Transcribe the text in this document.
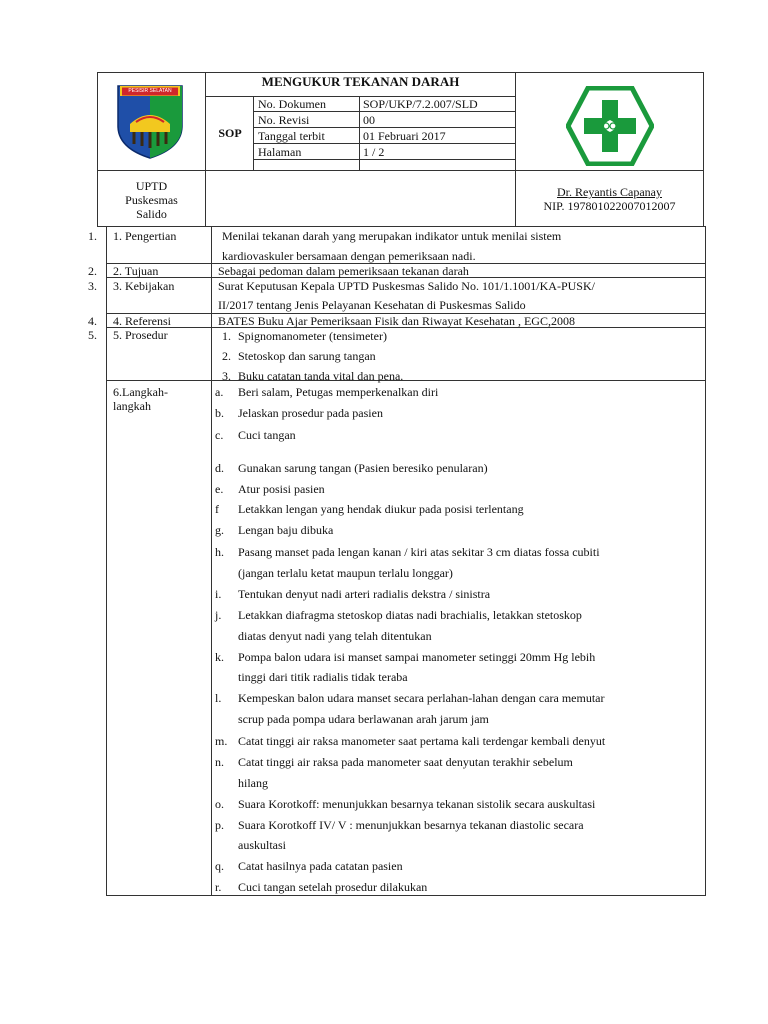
PESISIR SELATAN
MENGUKUR TEKANAN DARAH
SOP
No. Dokumen	SOP/UKP/7.2.007/SLD
No. Revisi	00
Tanggal terbit	01 Februari 2017
Halaman	1 / 2
UPTD
Puskesmas
Salido
Dr. Reyantis Capanay
NIP. 197801022007012007
1. 1. Pengertian	Menilai tekanan darah yang merupakan indikator untuk menilai sistem
kardiovaskuler bersamaan dengan pemeriksaan nadi.
2. 2. Tujuan	Sebagai pedoman dalam pemeriksaan tekanan darah
3. 3. Kebijakan	Surat Keputusan Kepala UPTD Puskesmas Salido No. 101/1.1001/KA-PUSK/
II/2017 tentang Jenis Pelayanan Kesehatan di Puskesmas Salido
4. 4. Referensi	BATES Buku Ajar Pemeriksaan Fisik dan Riwayat Kesehatan , EGC,2008
5. 5. Prosedur	1. Spignomanometer (tensimeter)
2. Stetoskop dan sarung tangan
3. Buku catatan tanda vital dan pena.
6.Langkah-
langkah
a. Beri salam, Petugas memperkenalkan diri
b. Jelaskan prosedur pada pasien
c. Cuci tangan
d. Gunakan sarung tangan (Pasien beresiko penularan)
e. Atur posisi pasien
f Letakkan lengan yang hendak diukur pada posisi terlentang
g. Lengan baju dibuka
h. Pasang manset pada lengan kanan / kiri atas sekitar 3 cm diatas fossa cubiti
(jangan terlalu ketat maupun terlalu longgar)
i. Tentukan denyut nadi arteri radialis dekstra / sinistra
j. Letakkan diafragma stetoskop diatas nadi brachialis, letakkan stetoskop
diatas denyut nadi yang telah ditentukan
k. Pompa balon udara isi manset sampai manometer setinggi 20mm Hg lebih
tinggi dari titik radialis tidak teraba
l. Kempeskan balon udara manset secara perlahan-lahan dengan cara memutar
scrup pada pompa udara berlawanan arah jarum jam
m. Catat tinggi air raksa manometer saat pertama kali terdengar kembali denyut
n. Catat tinggi air raksa pada manometer saat denyutan terakhir sebelum
hilang
o. Suara Korotkoff: menunjukkan besarnya tekanan sistolik secara auskultasi
p. Suara Korotkoff IV/ V : menunjukkan besarnya tekanan diastolic secara
auskultasi
q. Catat hasilnya pada catatan pasien
r. Cuci tangan setelah prosedur dilakukan
